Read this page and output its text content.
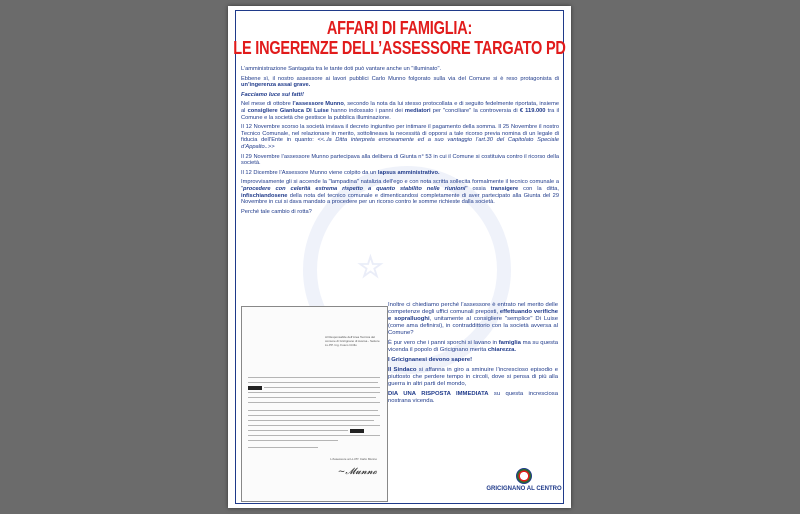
☆
AFFARI DI FAMIGLIA:
LE INGERENZE DELL’ASSESSORE TARGATO PD

L’amministrazione Santagata tra le tante doti può vantare anche un "illuminato".

Ebbene sì, il nostro assessore ai lavori pubblici Carlo Munno folgorato sulla via del Comune si è reso protagonista di un’ingerenza assai grave.

Facciamo luce sui fatti!

Nel mese di ottobre l’assessore Munno, secondo la nota da lui stesso protocollata e di seguito fedelmente riportata, insieme al consigliere Gianluca Di Luise hanno indossato i panni dei mediatori per "conciliare" la controversia di € 119.000 tra il Comune e la società che gestisce la pubblica illuminazione.

Il 12 Novembre scorso la società inviava il decreto ingiuntivo per intimare il pagamento della somma. Il 25 Novembre il nostro Tecnico Comunale, nel relazionare in merito, sottolineava la necessità di opporsi a tale ricorso previa nomina di un legale di fiducia dell’Ente in quanto: <<..la Ditta interpreta erroneamente ed a suo vantaggio l’art.30 del Capitolato Speciale d’Appalto..>>

Il 29 Novembre l’assessore Munno partecipava alla delibera di Giunta n° 53 in cui il Comune si costituiva contro il ricorso della società.

Il 12 Dicembre l’Assessore Munno viene colpito da un lapsus amministrativo.

Improvvisamente gli si accende la "lampadina" natalizia dell’ego e con nota scritta sollecita formalmente il tecnico comunale a "procedere con celerità estrema rispetto a quanto stabilito nelle riunioni" ossia transigere con la ditta, infischiandosene della nota del tecnico comunale e dimenticandosi completamente di aver partecipato alla Giunta del 29 Novembre in cui si dava mandato a procedere per un ricorso contro le somme richieste dalla società.

Perché tale cambio di rotta?

Al Responsabile dell’Area Tecnica del comune di Gricignano di Aversa - Settore LL.PP. Ing. Fusco Cirillo
L’Assessore ai LL.PP. Carlo Munno
~𝓜𝓾𝓷𝓷𝓸

Inoltre ci chiediamo perché l’assessore è entrato nel merito delle competenze degli uffici comunali preposti, effettuando verifiche e sopralluoghi, unitamente al consigliere "semplice" Di Luise (come ama definirsi), in contraddittorio con la società avversa al Comune?

È pur vero che i panni sporchi si lavano in famiglia ma su questa vicenda il popolo di Gricignano merita chiarezza.

I Gricignanesi devono sapere!

Il Sindaco si affanna in giro a sminuire l’increscioso episodio e piuttosto che perdere tempo in circoli, dove si pensa di più alla guerra in altri parti del mondo,

DIA UNA RISPOSTA IMMEDIATA su questa incresciosa nostrana vicenda.

GRICIGNANO AL CENTRO
